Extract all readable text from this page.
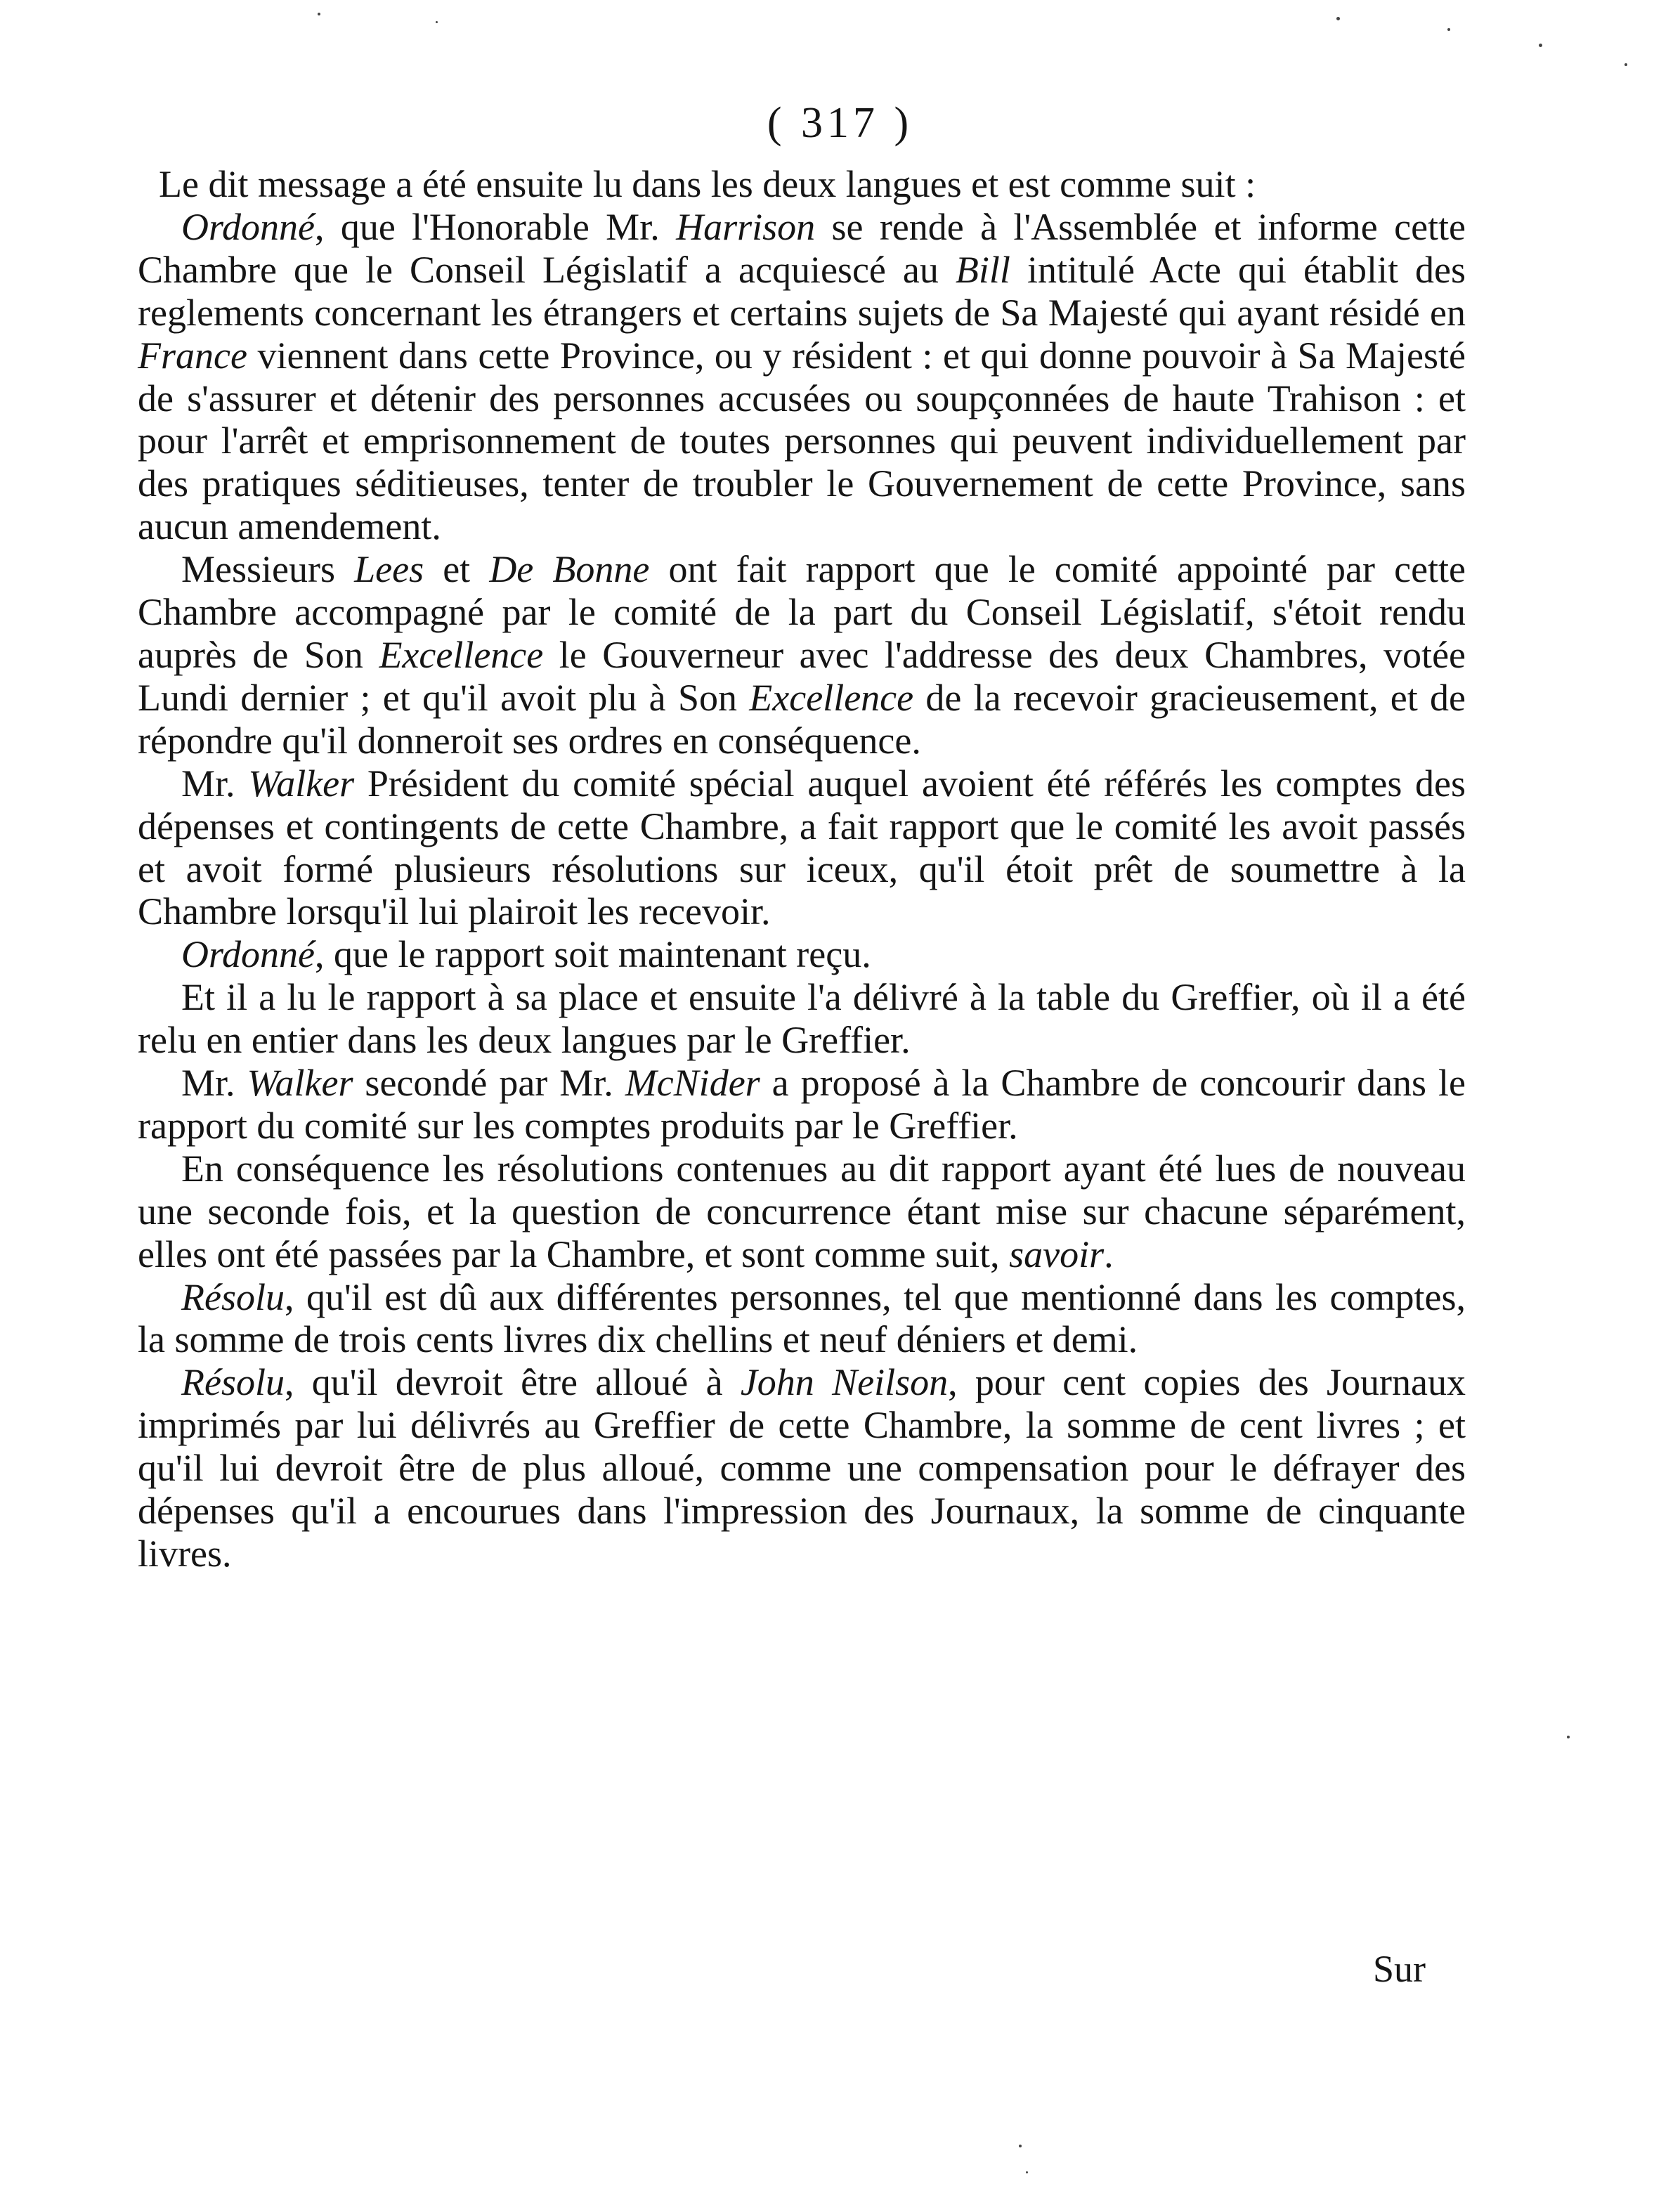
( 317 )

Le dit message a été ensuite lu dans les deux langues et est comme suit :

Ordonné, que l'Honorable Mr. Harrison se rende à l'Assemblée et informe cette Chambre que le Conseil Législatif a acquiescé au Bill intitulé Acte qui établit des reglements concernant les étrangers et certains sujets de Sa Majesté qui ayant résidé en France viennent dans cette Province, ou y résident : et qui donne pouvoir à Sa Majesté de s'assurer et détenir des personnes accusées ou soupçonnées de haute Trahison : et pour l'arrêt et emprisonnement de toutes personnes qui peuvent individuellement par des pratiques séditieuses, tenter de troubler le Gouvernement de cette Province, sans aucun amendement.

Messieurs Lees et De Bonne ont fait rapport que le comité appointé par cette Chambre accompagné par le comité de la part du Conseil Législatif, s'étoit rendu auprès de Son Excellence le Gouverneur avec l'addresse des deux Chambres, votée Lundi dernier ; et qu'il avoit plu à Son Excellence de la recevoir gracieusement, et de répondre qu'il donneroit ses ordres en conséquence.

Mr. Walker Président du comité spécial auquel avoient été référés les comptes des dépenses et contingents de cette Chambre, a fait rapport que le comité les avoit passés et avoit formé plusieurs résolutions sur iceux, qu'il étoit prêt de soumettre à la Chambre lorsqu'il lui plairoit les recevoir.

Ordonné, que le rapport soit maintenant reçu.

Et il a lu le rapport à sa place et ensuite l'a délivré à la table du Greffier, où il a été relu en entier dans les deux langues par le Greffier.

Mr. Walker secondé par Mr. McNider a proposé à la Chambre de concourir dans le rapport du comité sur les comptes produits par le Greffier.

En conséquence les résolutions contenues au dit rapport ayant été lues de nouveau une seconde fois, et la question de concurrence étant mise sur chacune séparément, elles ont été passées par la Chambre, et sont comme suit, savoir.

Résolu, qu'il est dû aux différentes personnes, tel que mentionné dans les comptes, la somme de trois cents livres dix chellins et neuf déniers et demi.

Résolu, qu'il devroit être alloué à John Neilson, pour cent copies des Journaux imprimés par lui délivrés au Greffier de cette Chambre, la somme de cent livres ; et qu'il lui devroit être de plus alloué, comme une compensation pour le défrayer des dépenses qu'il a encourues dans l'impression des Journaux, la somme de cinquante livres.

Sur
